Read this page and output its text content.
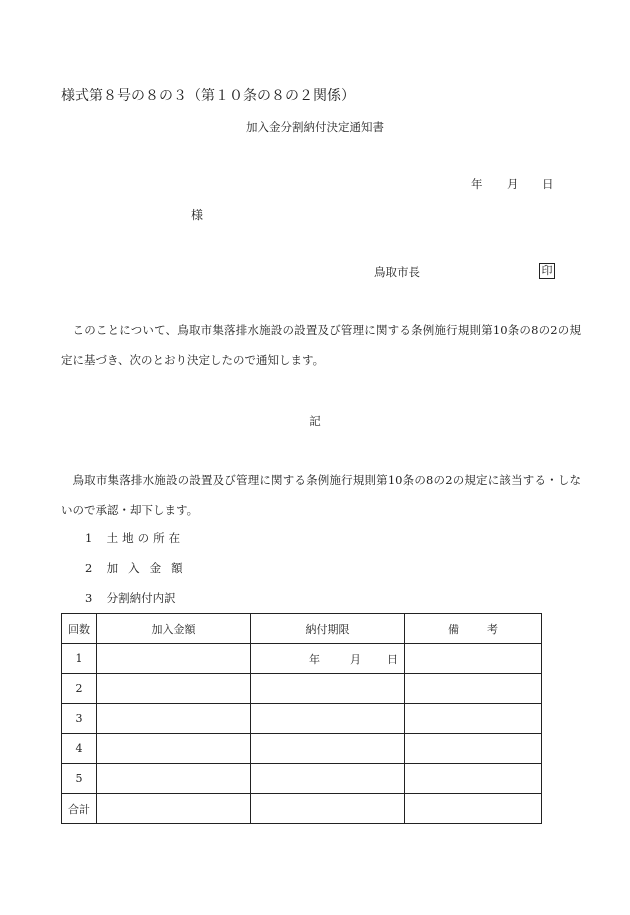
様式第８号の８の３（第１０条の８の２関係）
加入金分割納付決定通知書
年 月 日
様
鳥取市長	印
このことについて、鳥取市集落排水施設の設置及び管理に関する条例施行規則第10条の8の2の規定に基づき、次のとおり決定したので通知します。
記
鳥取市集落排水施設の設置及び管理に関する条例施行規則第10条の8の2の規定に該当する・しないので承認・却下します。
1 土地の所在
2 加入金額
3 分割納付内訳
回数	加入金額	納付期限	備 考
1		年 月 日	

2			
3			
4			
5			
合計			
